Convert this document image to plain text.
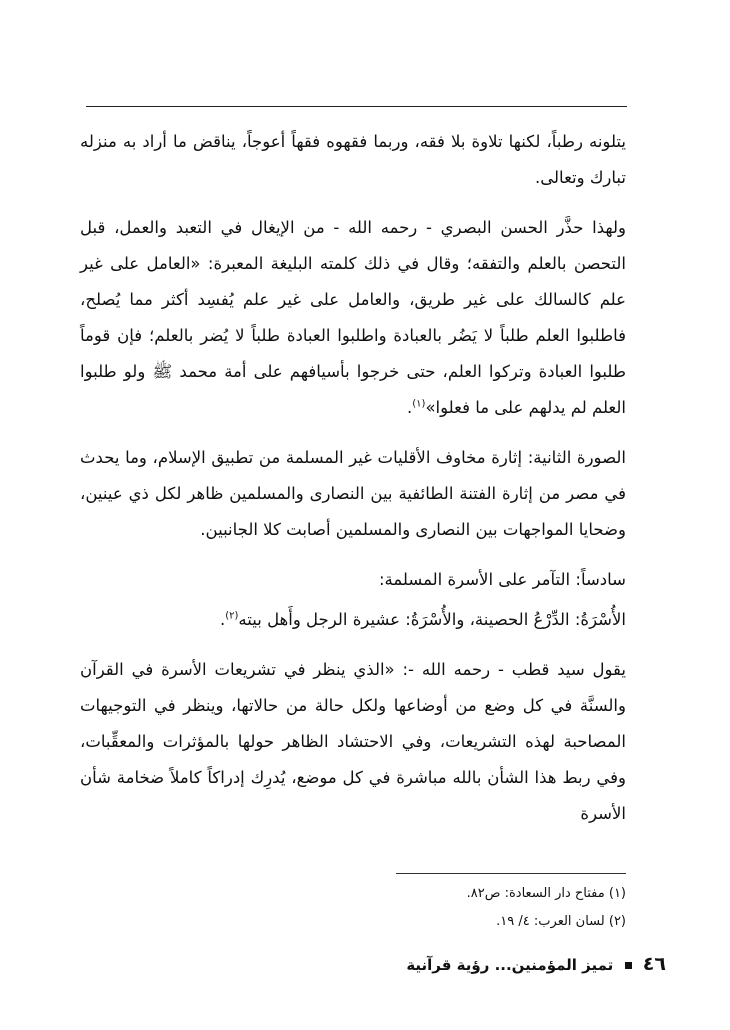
يتلونه رطباً، لكنها تلاوة بلا فقه، وربما فقهوه فقهاً أعوجاً، يناقض ما أراد به منزله تبارك وتعالى.

ولهذا حذَّر الحسن البصري - رحمه الله - من الإيغال في التعبد والعمل، قبل التحصن بالعلم والتفقه؛ وقال في ذلك كلمته البليغة المعبرة: «العامل على غير علم كالسالك على غير طريق، والعامل على غير علم يُفسِد أكثر مما يُصلح، فاطلبوا العلم طلباً لا يَضُر بالعبادة واطلبوا العبادة طلباً لا يُضر بالعلم؛ فإن قوماً طلبوا العبادة وتركوا العلم، حتى خرجوا بأسيافهم على أمة محمد ﷺ ولو طلبوا العلم لم يدلهم على ما فعلوا»$^{(١)}$.

الصورة الثانية: إثارة مخاوف الأقليات غير المسلمة من تطبيق الإسلام، وما يحدث في مصر من إثارة الفتنة الطائفية بين النصارى والمسلمين ظاهر لكل ذي عينين، وضحايا المواجهات بين النصارى والمسلمين أصابت كلا الجانبين.

سادساً: التآمر على الأسرة المسلمة:

الأُسْرَةُ: الدِّرْعُ الحصينة، والأُسْرَةُ: عشيرة الرجل وأَهل بيته$^{(٢)}$.

يقول سيد قطب - رحمه الله -: «الذي ينظر في تشريعات الأسرة في القرآن والسنَّة في كل وضع من أوضاعها ولكل حالة من حالاتها، وينظر في التوجيهات المصاحبة لهذه التشريعات، وفي الاحتشاد الظاهر حولها بالمؤثرات والمعقِّبات، وفي ربط هذا الشأن بالله مباشرة في كل موضع، يُدرِك إدراكاً كاملاً ضخامة شأن الأسرة

(١) مفتاح دار السعادة: ص٨٢.
(٢) لسان العرب: ٤/ ١٩.
٤٦  تميز المؤمنين... رؤية قرآنية
